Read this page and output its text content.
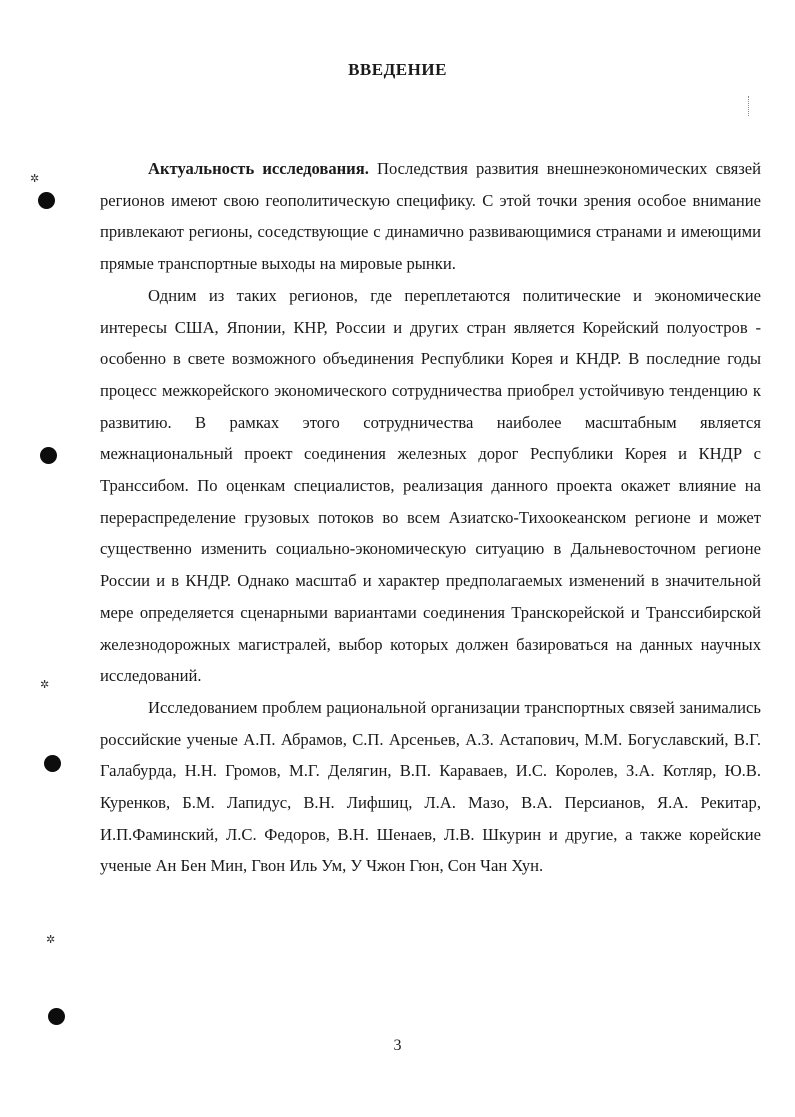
✲
✲
✲
ВВЕДЕНИЕ

Актуальность исследования. Последствия развития внешнеэкономических связей регионов имеют свою геополитическую специфику. С этой точки зрения особое внимание привлекают регионы, соседствующие с динамично развивающимися странами и имеющими прямые транспортные выходы на мировые рынки.

Одним из таких регионов, где переплетаются политические и экономические интересы США, Японии, КНР, России и других стран является Корейский полуостров - особенно в свете возможного объединения Республики Корея и КНДР. В последние годы процесс межкорейского экономического сотрудничества приобрел устойчивую тенденцию к развитию. В рамках этого сотрудничества наиболее масштабным является межнациональный проект соединения железных дорог Республики Корея и КНДР с Транссибом. По оценкам специалистов, реализация данного проекта окажет влияние на перераспределение грузовых потоков во всем Азиатско-Тихоокеанском регионе и может существенно изменить социально-экономическую ситуацию в Дальневосточном регионе России и в КНДР. Однако масштаб и характер предполагаемых изменений в значительной мере определяется сценарными вариантами соединения Транскорейской и Транссибирской железнодорожных магистралей, выбор которых должен базироваться на данных научных исследований.

Исследованием проблем рациональной организации транспортных связей занимались российские ученые А.П. Абрамов, С.П. Арсеньев, А.З. Астапович, М.М. Богуславский, В.Г. Галабурда, Н.Н. Громов, М.Г. Делягин, В.П. Караваев, И.С. Королев, З.А. Котляр, Ю.В. Куренков, Б.М. Лапидус, В.Н. Лифшиц, Л.А. Мазо, В.А. Персианов, Я.А. Рекитар, И.П.Фаминский, Л.С. Федоров, В.Н. Шенаев, Л.В. Шкурин и другие, а также корейские ученые Ан Бен Мин, Гвон Иль Ум, У Чжон Гюн, Сон Чан Хун.

3
